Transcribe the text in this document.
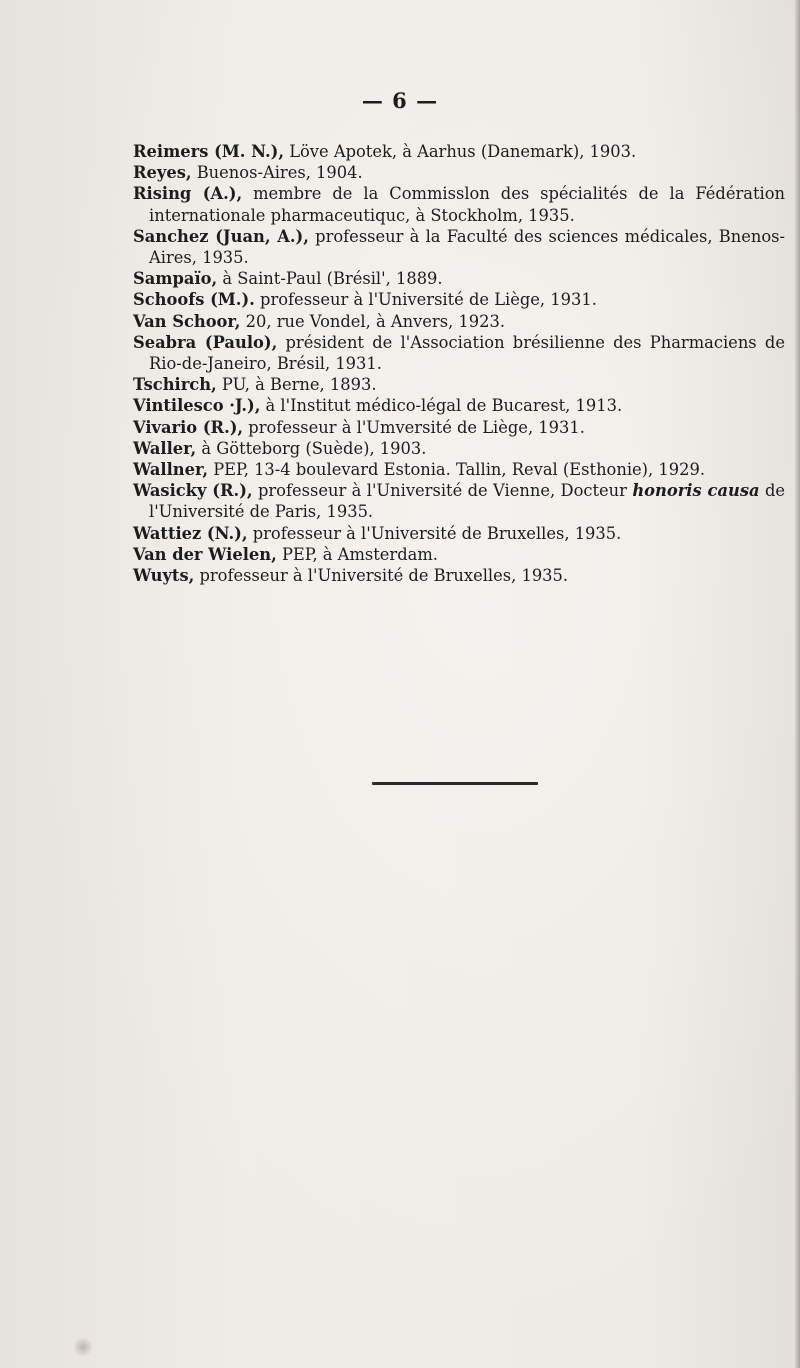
— 6 —

Reimers (M. N.), Löve Apotek, à Aarhus (Danemark), 1903.

Reyes, Buenos-Aires, 1904.

Rising (A.), membre de la Commisslon des spécialités de la Fédération internationale pharmaceutiquc, à Stockholm, 1935.

Sanchez (Juan, A.), professeur à la Faculté des sciences médicales, Bnenos-Aires, 1935.

Sampaïo, à Saint-Paul (Brésil', 1889.

Schoofs (M.). professeur à l'Université de Liège, 1931.

Van Schoor, 20, rue Vondel, à Anvers, 1923.

Seabra (Paulo), président de l'Association brésilienne des Pharmaciens de Rio-de-Janeiro, Brésil, 1931.

Tschirch, PU, à Berne, 1893.

Vintilesco ·J.), à l'Institut médico-légal de Bucarest, 1913.

Vivario (R.), professeur à l'Umversité de Liège, 1931.

Waller, à Götteborg (Suède), 1903.

Wallner, PEP, 13-4 boulevard Estonia. Tallin, Reval (Esthonie), 1929.

Wasicky (R.), professeur à l'Université de Vienne, Docteur honoris causa de l'Université de Paris, 1935.

Wattiez (N.), professeur à l'Université de Bruxelles, 1935.

Van der Wielen, PEP, à Amsterdam.

Wuyts, professeur à l'Université de Bruxelles, 1935.
